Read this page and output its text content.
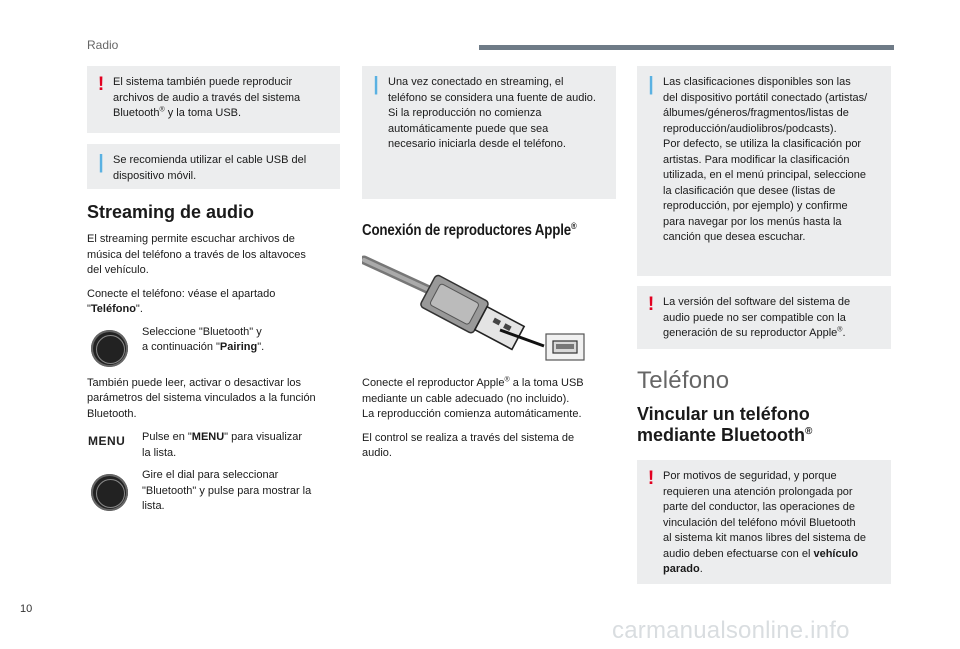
Radio
! El sistema también puede reproducir
archivos de audio a través del sistema
Bluetooth® y la toma USB.
| Se recomienda utilizar el cable USB del
dispositivo móvil.
Streaming de audio

El streaming permite escuchar archivos de
música del teléfono a través de los altavoces
del vehículo.

Conecte el teléfono: véase el apartado
"Teléfono".

Seleccione "Bluetooth" y
a continuación "Pairing".

También puede leer, activar o desactivar los
parámetros del sistema vinculados a la función
Bluetooth.

MENU Pulse en "MENU" para visualizar
la lista.
Gire el dial para seleccionar
"Bluetooth" y pulse para mostrar la
lista.
| Una vez conectado en streaming, el
teléfono se considera una fuente de audio.
Si la reproducción no comienza
automáticamente puede que sea
necesario iniciarla desde el teléfono.
Conexión de reproductores Apple®

Conecte el reproductor Apple® a la toma USB
mediante un cable adecuado (no incluido).
La reproducción comienza automáticamente.

El control se realiza a través del sistema de
audio.

| Las clasificaciones disponibles son las
del dispositivo portátil conectado (artistas/
álbumes/géneros/fragmentos/listas de
reproducción/audiolibros/podcasts).
Por defecto, se utiliza la clasificación por
artistas. Para modificar la clasificación
utilizada, en el menú principal, seleccione
la clasificación que desee (listas de
reproducción, por ejemplo) y confirme
para navegar por los menús hasta la
canción que desea escuchar.
! La versión del software del sistema de
audio puede no ser compatible con la
generación de su reproductor Apple®.
Teléfono
Vincular un teléfono
mediante Bluetooth®
! Por motivos de seguridad, y porque
requieren una atención prolongada por
parte del conductor, las operaciones de
vinculación del teléfono móvil Bluetooth
al sistema kit manos libres del sistema de
audio deben efectuarse con el vehículo
parado.
10
carmanualsonline.info
